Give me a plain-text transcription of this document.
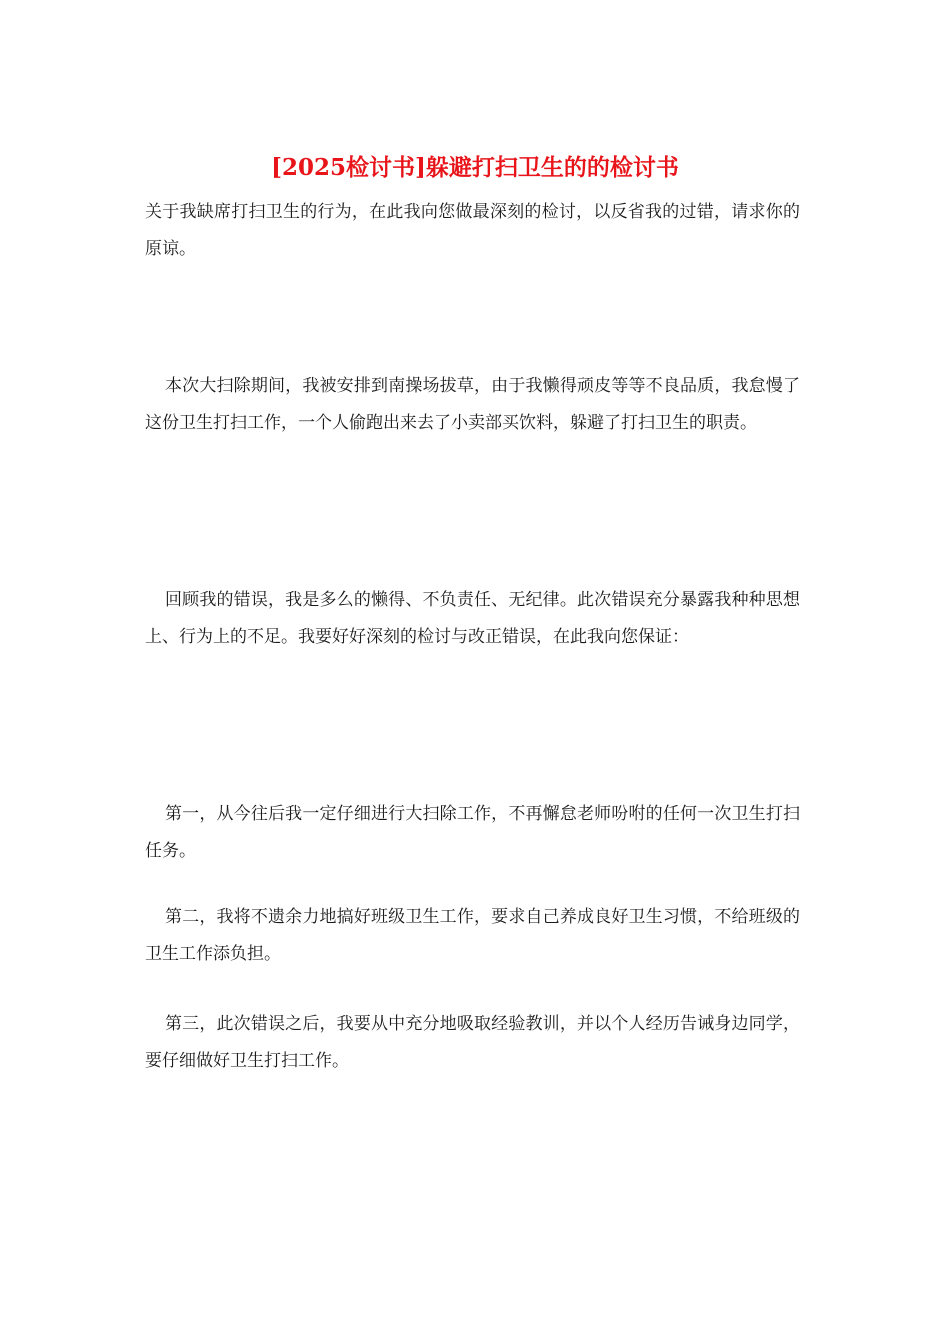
[2025检讨书]躲避打扫卫生的的检讨书

关于我缺席打扫卫生的行为，在此我向您做最深刻的检讨，以反省我的过错，请求你的原谅。

本次大扫除期间，我被安排到南操场拔草，由于我懒得顽皮等等不良品质，我怠慢了这份卫生打扫工作，一个人偷跑出来去了小卖部买饮料，躲避了打扫卫生的职责。

回顾我的错误，我是多么的懒得、不负责任、无纪律。此次错误充分暴露我种种思想上、行为上的不足。我要好好深刻的检讨与改正错误，在此我向您保证：

第一，从今往后我一定仔细进行大扫除工作，不再懈怠老师吩咐的任何一次卫生打扫任务。

第二，我将不遗余力地搞好班级卫生工作，要求自己养成良好卫生习惯，不给班级的卫生工作添负担。

第三，此次错误之后，我要从中充分地吸取经验教训，并以个人经历告诫身边同学，要仔细做好卫生打扫工作。
